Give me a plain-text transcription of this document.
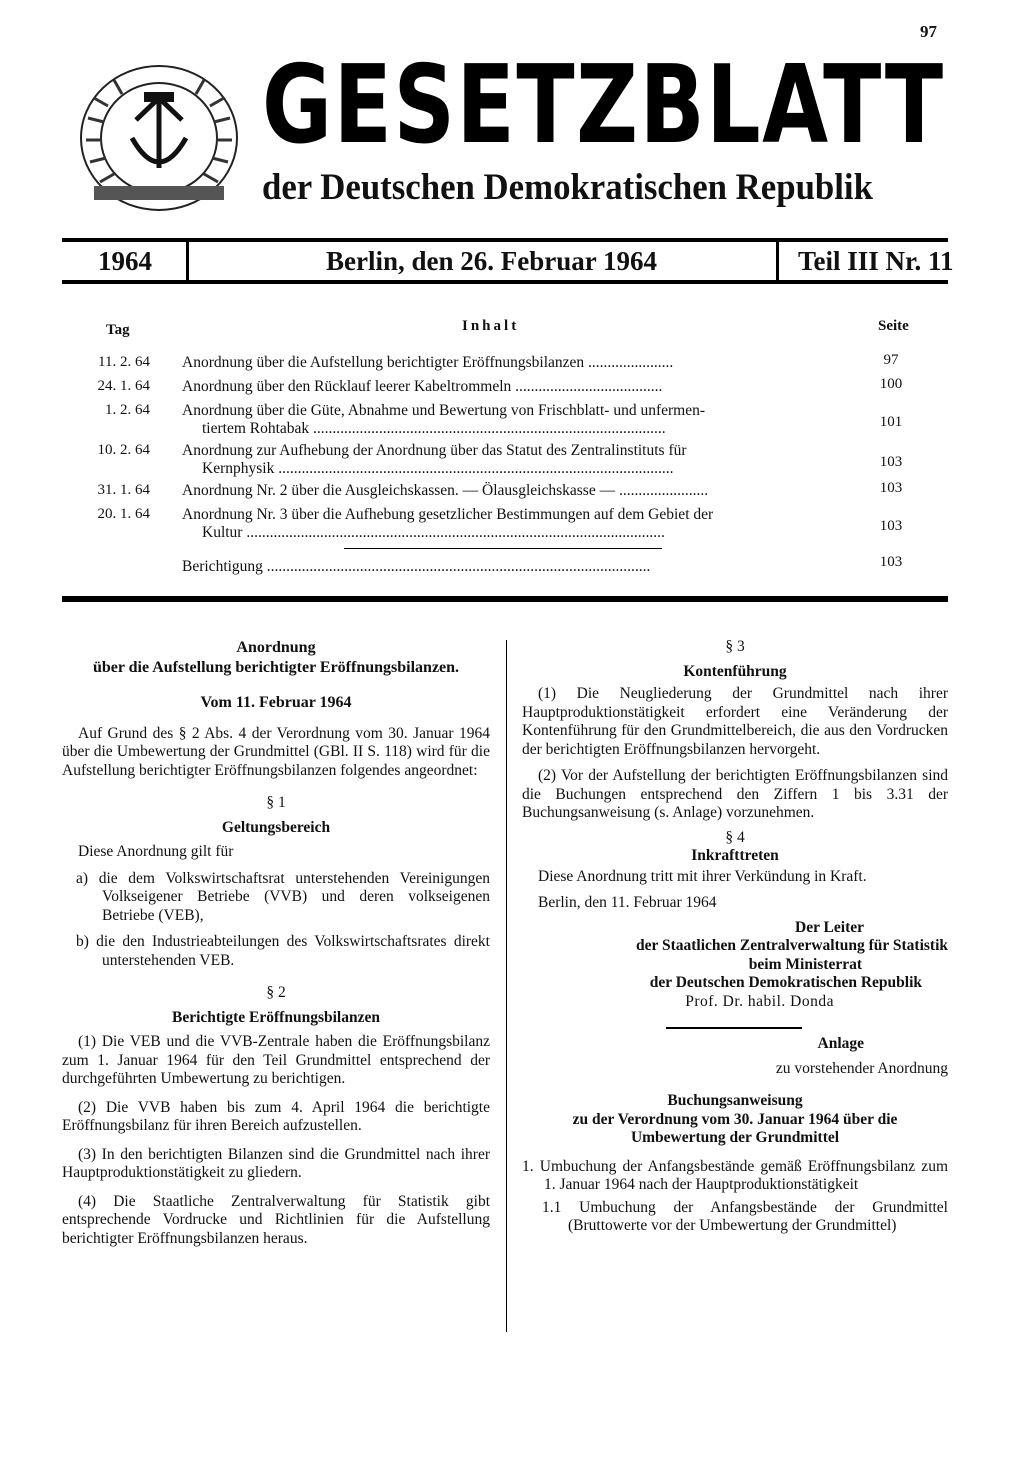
97
GESETZBLATT
der Deutschen Demokratischen Republik
1964	Berlin, den 26. Februar 1964	Teil III Nr. 11
Tag	Inhalt	Seite
11. 2. 64 Anordnung über die Aufstellung berichtigter Eröffnungsbilanzen ......................	97
24. 1. 64 Anordnung über den Rücklauf leerer Kabeltrommeln ......................................	100
1. 2. 64 Anordnung über die Güte, Abnahme und Bewertung von Frischblatt- und unfermen-
tiertem Rohtabak ...........................................................................................	101
10. 2. 64 Anordnung zur Aufhebung der Anordnung über das Statut des Zentralinstituts für
Kernphysik ......................................................................................................	103
31. 1. 64 Anordnung Nr. 2 über die Ausgleichskassen. — Ölausgleichskasse — .......................	103
20. 1. 64 Anordnung Nr. 3 über die Aufhebung gesetzlicher Bestimmungen auf dem Gebiet der
Kultur ............................................................................................................	103
Berichtigung ...................................................................................................	103

Anordnung

über die Aufstellung berichtigter Eröffnungsbilanzen.

Vom 11. Februar 1964

Auf Grund des § 2 Abs. 4 der Verordnung vom 30. Januar 1964 über die Umbewertung der Grundmittel (GBl. II S. 118) wird für die Aufstellung berichtigter Eröffnungsbilanzen folgendes angeordnet:

§ 1

Geltungsbereich

Diese Anordnung gilt für

a) die dem Volkswirtschaftsrat unterstehenden Vereinigungen Volkseigener Betriebe (VVB) und deren volkseigenen Betriebe (VEB),

b) die den Industrieabteilungen des Volkswirtschaftsrates direkt unterstehenden VEB.

§ 2

Berichtigte Eröffnungsbilanzen

(1) Die VEB und die VVB-Zentrale haben die Eröffnungsbilanz zum 1. Januar 1964 für den Teil Grundmittel entsprechend der durchgeführten Umbewertung zu berichtigen.

(2) Die VVB haben bis zum 4. April 1964 die berichtigte Eröffnungsbilanz für ihren Bereich aufzustellen.

(3) In den berichtigten Bilanzen sind die Grundmittel nach ihrer Hauptproduktionstätigkeit zu gliedern.

(4) Die Staatliche Zentralverwaltung für Statistik gibt entsprechende Vordrucke und Richtlinien für die Aufstellung berichtigter Eröffnungsbilanzen heraus.

§ 3

Kontenführung

(1) Die Neugliederung der Grundmittel nach ihrer Hauptproduktionstätigkeit erfordert eine Veränderung der Kontenführung für den Grundmittelbereich, die aus den Vordrucken der berichtigten Eröffnungsbilanzen hervorgeht.

(2) Vor der Aufstellung der berichtigten Eröffnungsbilanzen sind die Buchungen entsprechend den Ziffern 1 bis 3.31 der Buchungsanweisung (s. Anlage) vorzunehmen.

§ 4

Inkrafttreten

Diese Anordnung tritt mit ihrer Verkündung in Kraft.

Berlin, den 11. Februar 1964

Der Leiter

der Staatlichen Zentralverwaltung für Statistik

beim Ministerrat

der Deutschen Demokratischen Republik

Prof. Dr. habil. Donda

Anlage

zu vorstehender Anordnung

Buchungsanweisung

zu der Verordnung vom 30. Januar 1964 über die

Umbewertung der Grundmittel

1. Umbuchung der Anfangsbestände gemäß Eröffnungsbilanz zum 1. Januar 1964 nach der Hauptproduktionstätigkeit

1.1 Umbuchung der Anfangsbestände der Grundmittel (Bruttowerte vor der Umbewertung der Grundmittel)
